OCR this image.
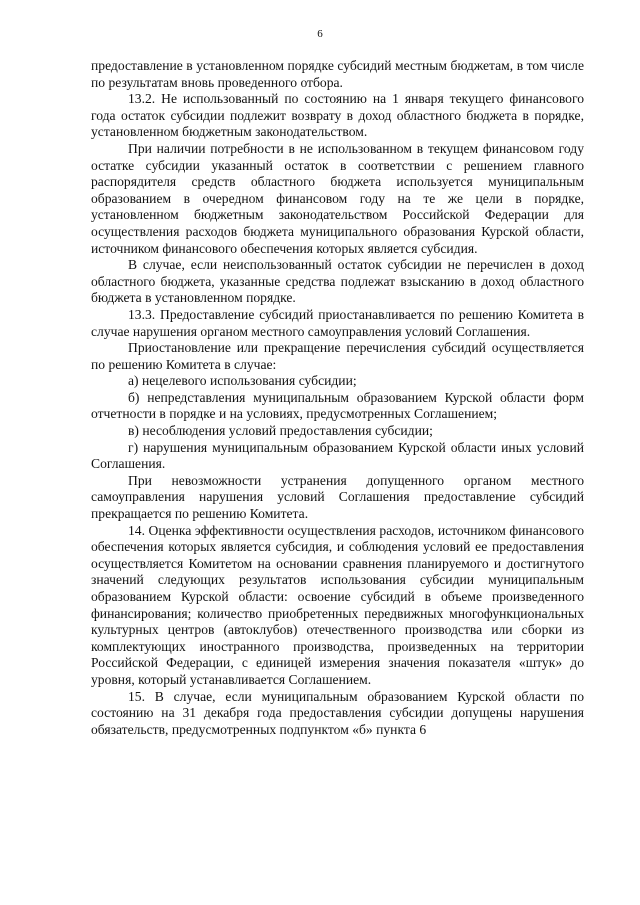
6

предоставление в установленном порядке субсидий местным бюджетам, в том числе по результатам вновь проведенного отбора.

13.2. Не использованный по состоянию на 1 января текущего финансового года остаток субсидии подлежит возврату в доход областного бюджета в порядке, установленном бюджетным законодательством.

При наличии потребности в не использованном в текущем финансовом году остатке субсидии указанный остаток в соответствии с решением главного распорядителя средств областного бюджета используется муниципальным образованием в очередном финансовом году на те же цели в порядке, установленном бюджетным законодательством Российской Федерации для осуществления расходов бюджета муниципального образования Курской области, источником финансового обеспечения которых является субсидия.

В случае, если неиспользованный остаток субсидии не перечислен в доход областного бюджета, указанные средства подлежат взысканию в доход областного бюджета в установленном порядке.

13.3. Предоставление субсидий приостанавливается по решению Комитета в случае нарушения органом местного самоуправления условий Соглашения.

Приостановление или прекращение перечисления субсидий осуществляется по решению Комитета в случае:

а) нецелевого использования субсидии;

б) непредставления муниципальным образованием Курской области форм отчетности в порядке и на условиях, предусмотренных Соглашением;

в) несоблюдения условий предоставления субсидии;

г) нарушения муниципальным образованием Курской области иных условий Соглашения.

При невозможности устранения допущенного органом местного самоуправления нарушения условий Соглашения предоставление субсидий прекращается по решению Комитета.

14. Оценка эффективности осуществления расходов, источником финансового обеспечения которых является субсидия, и соблюдения условий ее предоставления осуществляется Комитетом на основании сравнения планируемого и достигнутого значений следующих результатов использования субсидии муниципальным образованием Курской области: освоение субсидий в объеме произведенного финансирования; количество приобретенных передвижных многофункциональных культурных центров (автоклубов) отечественного производства или сборки из комплектующих иностранного производства, произведенных на территории Российской Федерации, с единицей измерения значения показателя «штук» до уровня, который устанавливается Соглашением.

15. В случае, если муниципальным образованием Курской области по состоянию на 31 декабря года предоставления субсидии допущены нарушения обязательств, предусмотренных подпунктом «б» пункта 6
